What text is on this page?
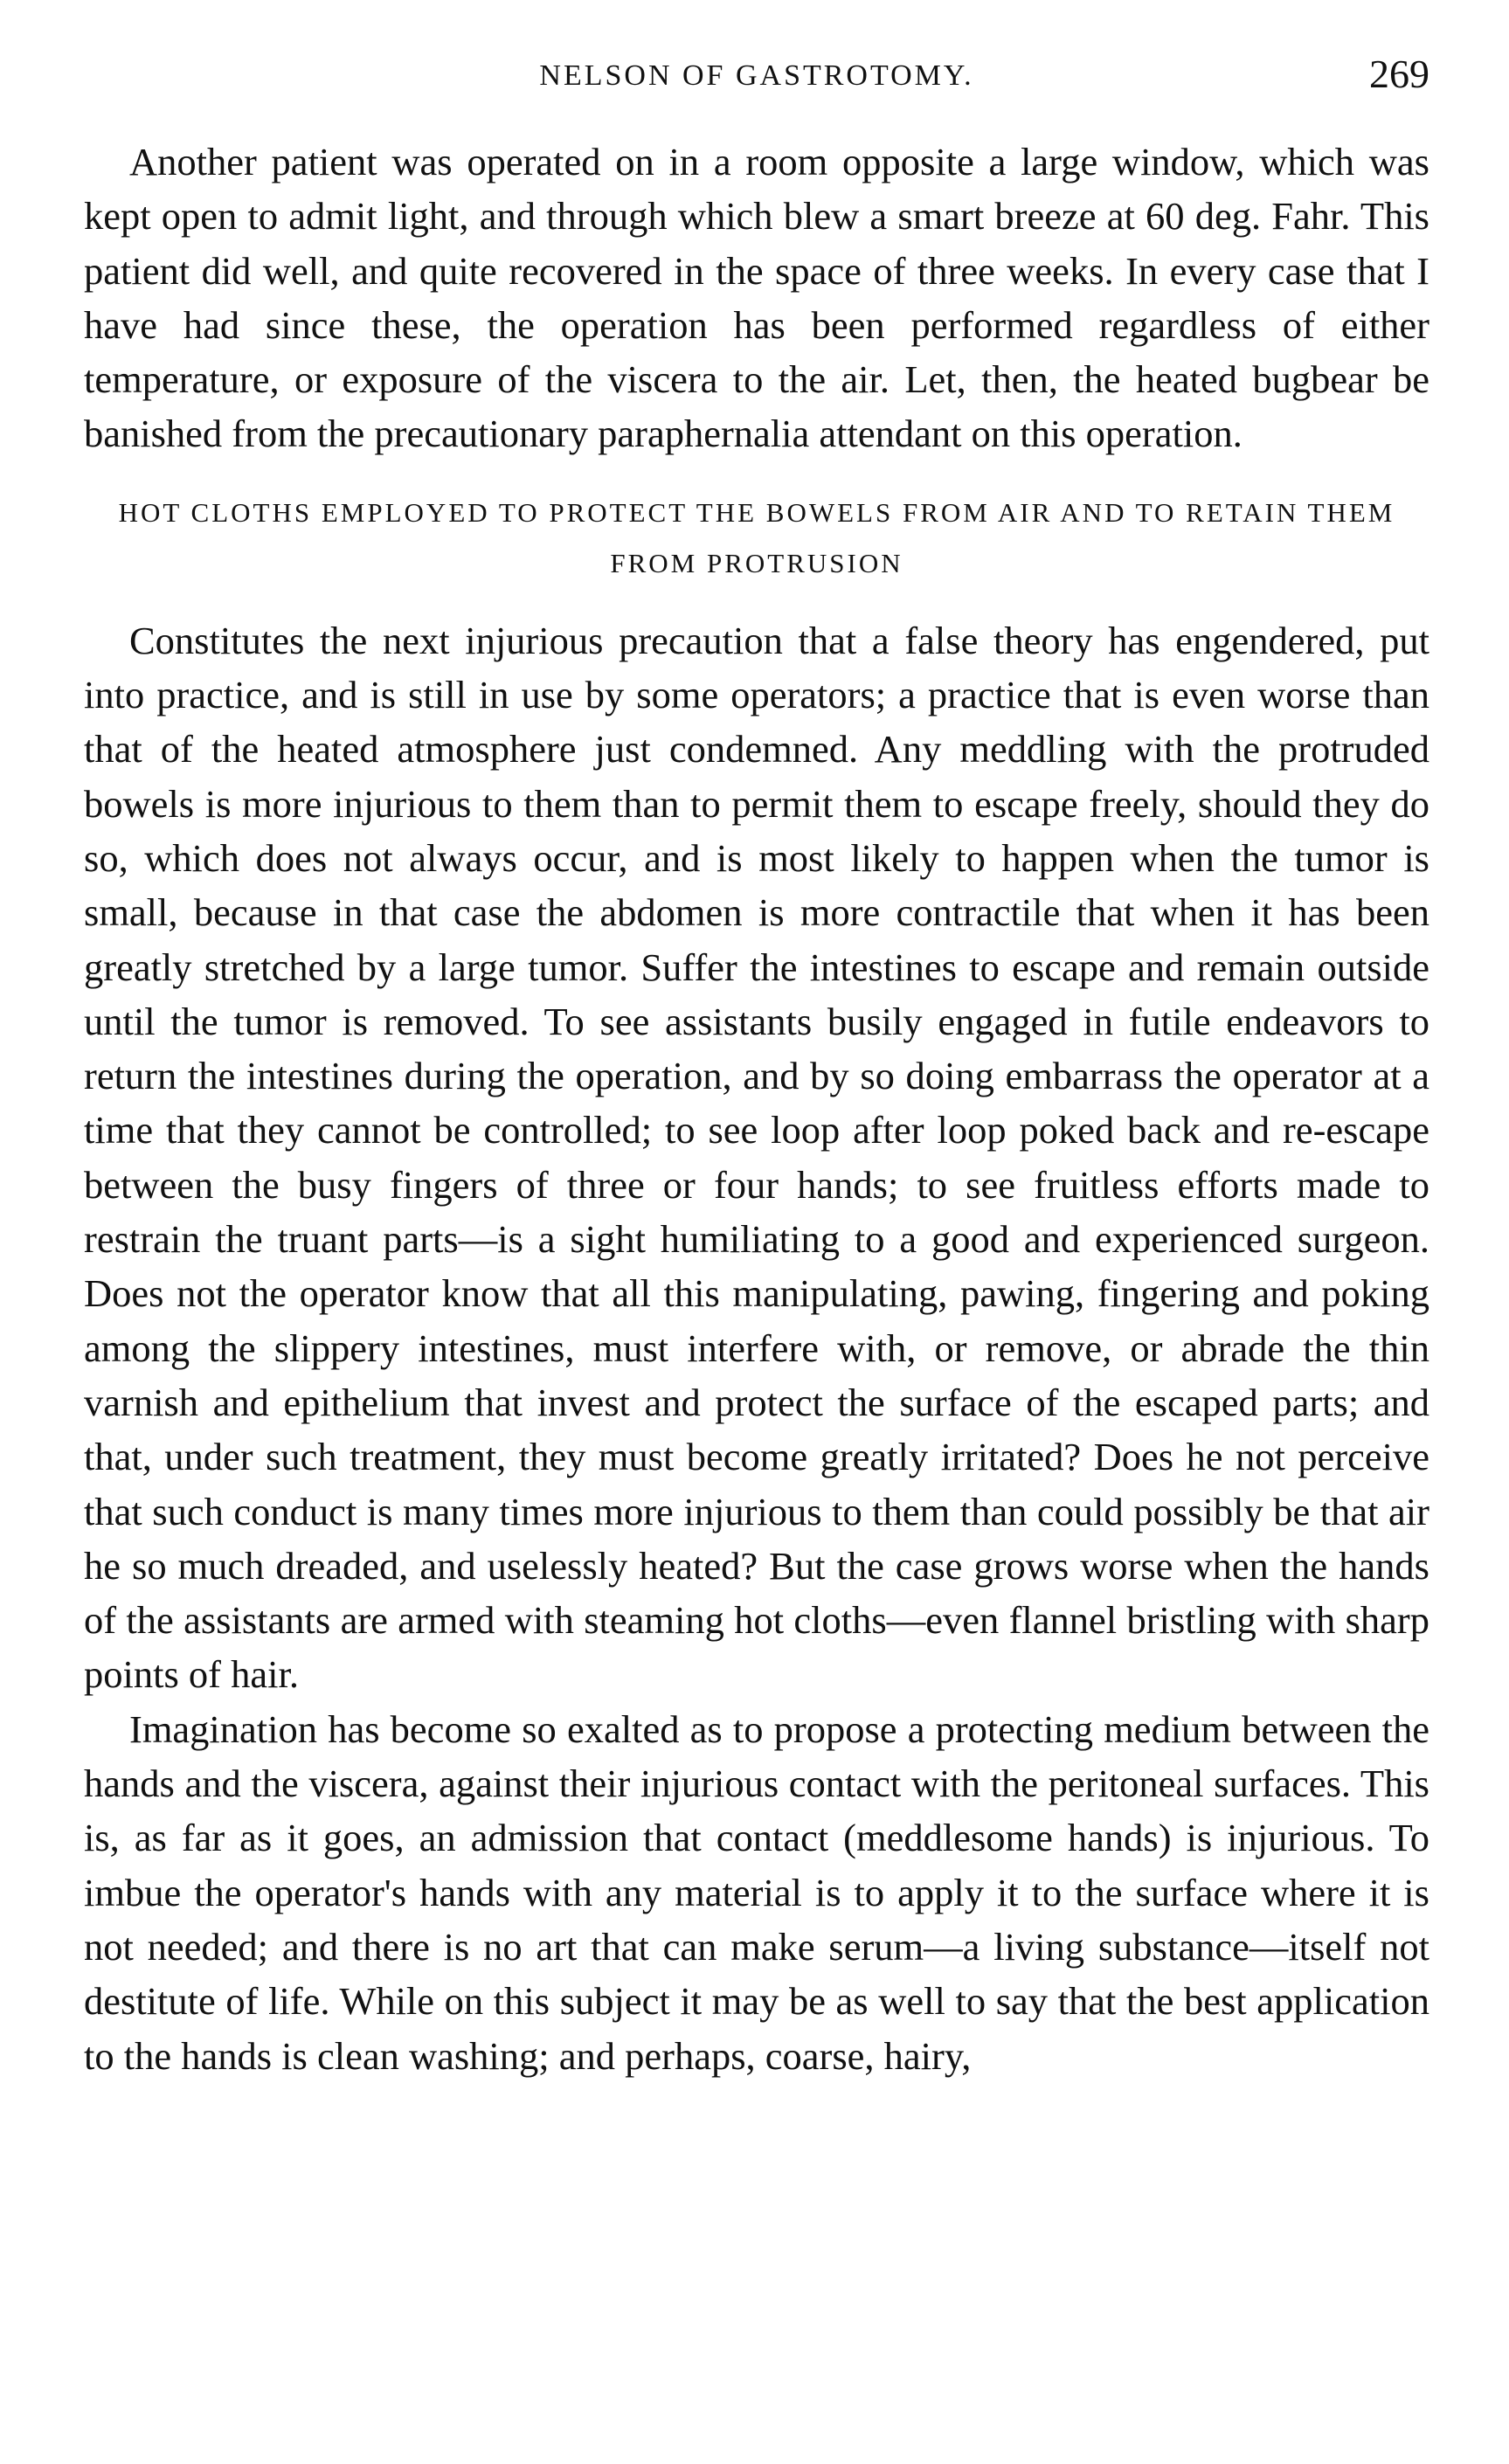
NELSON OF GASTROTOMY.	269

Another patient was operated on in a room opposite a large window, which was kept open to admit light, and through which blew a smart breeze at 60 deg. Fahr. This patient did well, and quite recovered in the space of three weeks. In every case that I have had since these, the operation has been performed regardless of either temperature, or exposure of the viscera to the air. Let, then, the heated bugbear be banished from the precautionary paraphernalia attendant on this operation.

HOT CLOTHS EMPLOYED TO PROTECT THE BOWELS FROM AIR AND TO RETAIN THEM FROM PROTRUSION

Constitutes the next injurious precaution that a false theory has engendered, put into practice, and is still in use by some operators; a practice that is even worse than that of the heated atmosphere just condemned. Any meddling with the protruded bowels is more injurious to them than to permit them to escape freely, should they do so, which does not always occur, and is most likely to happen when the tumor is small, because in that case the abdomen is more contractile that when it has been greatly stretched by a large tumor. Suffer the intestines to escape and remain outside until the tumor is removed. To see assistants busily engaged in futile endeavors to return the intestines during the operation, and by so doing embarrass the operator at a time that they cannot be controlled; to see loop after loop poked back and re-escape between the busy fingers of three or four hands; to see fruitless efforts made to restrain the truant parts—is a sight humiliating to a good and experienced surgeon. Does not the operator know that all this manipulating, pawing, fingering and poking among the slippery intestines, must interfere with, or remove, or abrade the thin varnish and epithelium that invest and protect the surface of the escaped parts; and that, under such treatment, they must become greatly irritated? Does he not perceive that such conduct is many times more injurious to them than could possibly be that air he so much dreaded, and uselessly heated? But the case grows worse when the hands of the assistants are armed with steaming hot cloths—even flannel bristling with sharp points of hair.

Imagination has become so exalted as to propose a protecting medium between the hands and the viscera, against their injurious contact with the peritoneal surfaces. This is, as far as it goes, an admission that contact (meddlesome hands) is injurious. To imbue the operator's hands with any material is to apply it to the surface where it is not needed; and there is no art that can make serum—a living substance—itself not destitute of life. While on this subject it may be as well to say that the best application to the hands is clean washing; and perhaps, coarse, hairy,
